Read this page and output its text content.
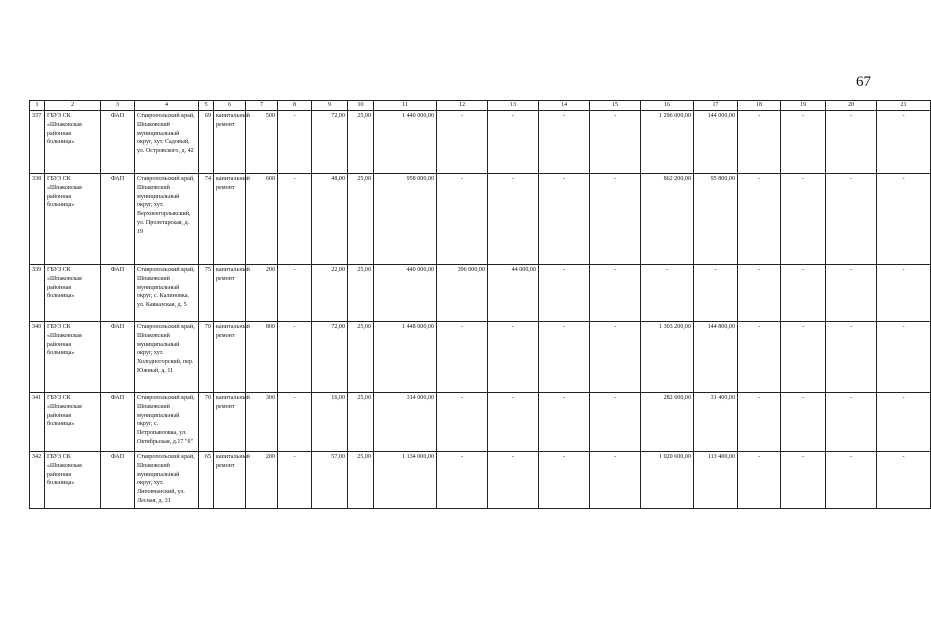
67
1	2	3	4	5	6	7	8	9	10	11	12	13	14	15	16	17	18	19	20	21
337	ГБУЗ СК «Шпаковская районная больница»	ФАП	Ставропольский край, Шпаковский муниципальный округ, хут. Садовый, ул. Островского, д. 42	69	капитальный ремонт	500	-	72,00	25,00	1 440 000,00	-	-	-	-	1 296 000,00	144 000,00	-	-	-	-
338	ГБУЗ СК «Шпаковская районная больница»	ФАП	Ставропольский край, Шпаковский муниципальный округ, хут. Верхнеегорлыкский, ул. Пролетарская, д. 19	74	капитальный ремонт	600	-	48,00	25,00	958 000,00	-	-	-	-	862 200,00	95 800,00	-	-	-	-
339	ГБУЗ СК «Шпаковская районная больница»	ФАП	Ставропольский край, Шпаковский муниципальный округ, с. Калиновка, ул. Кавказская, д. 5	75	капитальный ремонт	200	-	22,00	25,00	440 000,00	396 000,00	44 000,00	-	-	-	-	-	-	-	-
340	ГБУЗ СК «Шпаковская районная больница»	ФАП	Ставропольский край, Шпаковский муниципальный округ, хут. Холодногорский, пер. Южный, д. 11	70	капитальный ремонт	800	-	72,00	25,00	1 448 000,00	-	-	-	-	1 303 200,00	144 800,00	-	-	-	-
341	ГБУЗ СК «Шпаковская районная больница»	ФАП	Ставропольский край, Шпаковский муниципальный округ, с. Петропавловка, ул. Октябрьская, д.17 "б"	70	капитальный ремонт	300	-	16,00	25,00	314 000,00	-	-	-	-	282 600,00	31 400,00	-	-	-	-
342	ГБУЗ СК «Шпаковская районная больница»	ФАП	Ставропольский край, Шпаковский муниципальный округ, хут. Липовчанский, ул. Лесная, д. 31	65	капитальный ремонт	200	-	57,00	25,00	1 134 000,00	-	-	-	-	1 020 600,00	113 400,00	-	-	-	-
